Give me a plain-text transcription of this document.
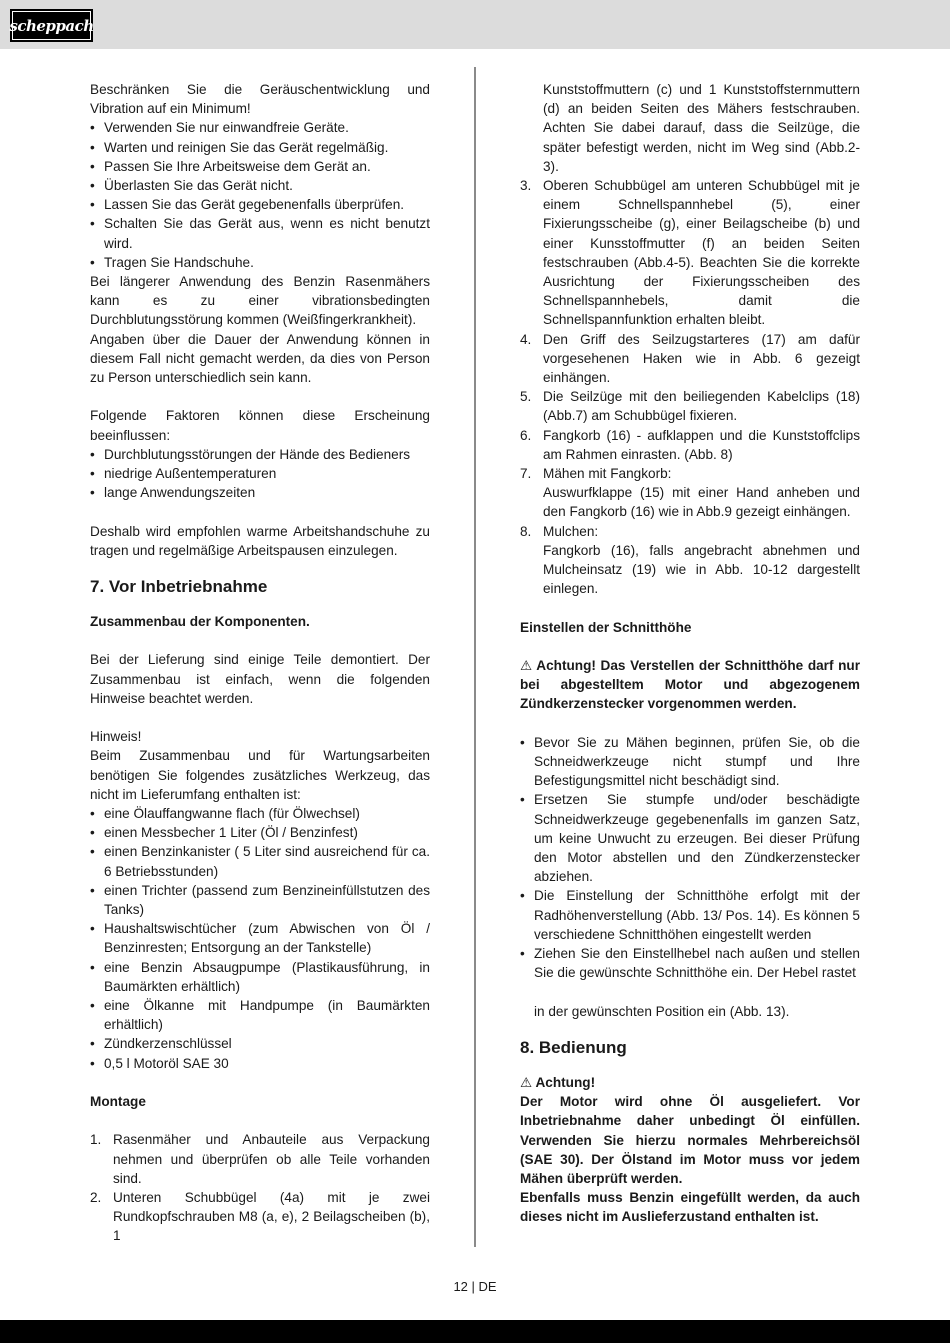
scheppach

Beschränken Sie die Geräuschentwicklung und Vibration auf ein Minimum!

• Verwenden Sie nur einwandfreie Geräte.
• Warten und reinigen Sie das Gerät regelmäßig.
• Passen Sie Ihre Arbeitsweise dem Gerät an.
• Überlasten Sie das Gerät nicht.
• Lassen Sie das Gerät gegebenenfalls überprüfen.
• Schalten Sie das Gerät aus, wenn es nicht benutzt wird.
• Tragen Sie Handschuhe.

Bei längerer Anwendung des Benzin Rasenmähers kann es zu einer vibrationsbedingten Durchblutungsstörung kommen (Weißfingerkrankheit).

Angaben über die Dauer der Anwendung können in diesem Fall nicht gemacht werden, da dies von Person zu Person unterschiedlich sein kann.

Folgende Faktoren können diese Erscheinung beeinflussen:

• Durchblutungsstörungen der Hände des Bedieners
• niedrige Außentemperaturen
• lange Anwendungszeiten

Deshalb wird empfohlen warme Arbeitshandschuhe zu tragen und regelmäßige Arbeitspausen einzulegen.

7. Vor Inbetriebnahme

Zusammenbau der Komponenten.

Bei der Lieferung sind einige Teile demontiert. Der Zusammenbau ist einfach, wenn die folgenden Hinweise beachtet werden.

Hinweis!

Beim Zusammenbau und für Wartungsarbeiten benötigen Sie folgendes zusätzliches Werkzeug, das nicht im Lieferumfang enthalten ist:

• eine Ölauffangwanne flach (für Ölwechsel)
• einen Messbecher 1 Liter (Öl / Benzinfest)
• einen Benzinkanister ( 5 Liter sind ausreichend für ca. 6 Betriebsstunden)
• einen Trichter (passend zum Benzineinfüllstutzen des Tanks)
• Haushaltswischtücher (zum Abwischen von Öl / Benzinresten; Entsorgung an der Tankstelle)
• eine Benzin Absaugpumpe (Plastikausführung, in Baumärkten erhältlich)
• eine Ölkanne mit Handpumpe (in Baumärkten erhältlich)
• Zündkerzenschlüssel
• 0,5 l Motoröl SAE 30

Montage

1. Rasenmäher und Anbauteile aus Verpackung nehmen und überprüfen ob alle Teile vorhanden sind.
2. Unteren Schubbügel (4a) mit je zwei Rundkopfschrauben M8 (a, e), 2 Beilagscheiben (b), 1

Kunststoffmuttern (c) und 1 Kunststoffsternmuttern (d) an beiden Seiten des Mähers festschrauben. Achten Sie dabei darauf, dass die Seilzüge, die später befestigt werden, nicht im Weg sind (Abb.2-3).

3. Oberen Schubbügel am unteren Schubbügel mit je einem Schnellspannhebel (5), einer Fixierungsscheibe (g), einer Beilagscheibe (b) und einer Kunsstoffmutter (f) an beiden Seiten festschrauben (Abb.4-5). Beachten Sie die korrekte Ausrichtung der Fixierungsscheiben des Schnellspannhebels, damit die Schnellspannfunktion erhalten bleibt.
4. Den Griff des Seilzugstarteres (17) am dafür vorgesehenen Haken wie in Abb. 6 gezeigt einhängen.
5. Die Seilzüge mit den beiliegenden Kabelclips (18) (Abb.7) am Schubbügel fixieren.
6. Fangkorb (16) - aufklappen und die Kunststoffclips am Rahmen einrasten. (Abb. 8)
7. Mähen mit Fangkorb:

Auswurfklappe (15) mit einer Hand anheben und den Fangkorb (16) wie in Abb.9 gezeigt einhängen.

8. Mulchen:

Fangkorb (16), falls angebracht abnehmen und Mulcheinsatz (19) wie in Abb. 10-12 dargestellt einlegen.

Einstellen der Schnitthöhe

⚠ Achtung! Das Verstellen der Schnitthöhe darf nur bei abgestelltem Motor und abgezogenem Zündkerzenstecker vorgenommen werden.

• Bevor Sie zu Mähen beginnen, prüfen Sie, ob die Schneidwerkzeuge nicht stumpf und Ihre Befestigungsmittel nicht beschädigt sind.
• Ersetzen Sie stumpfe und/oder beschädigte Schneidwerkzeuge gegebenenfalls im ganzen Satz, um keine Unwucht zu erzeugen. Bei dieser Prüfung den Motor abstellen und den Zündkerzenstecker abziehen.
• Die Einstellung der Schnitthöhe erfolgt mit der Radhöhenverstellung (Abb. 13/ Pos. 14). Es können 5 verschiedene Schnitthöhen eingestellt werden
• Ziehen Sie den Einstellhebel nach außen und stellen Sie die gewünschte Schnitthöhe ein. Der Hebel rastet

in der gewünschten Position ein (Abb. 13).

8. Bedienung

⚠ Achtung!

Der Motor wird ohne Öl ausgeliefert. Vor Inbetriebnahme daher unbedingt Öl einfüllen. Verwenden Sie hierzu normales Mehrbereichsöl (SAE 30). Der Ölstand im Motor muss vor jedem Mähen überprüft werden.

Ebenfalls muss Benzin eingefüllt werden, da auch dieses nicht im Auslieferzustand enthalten ist.

12 | DE
